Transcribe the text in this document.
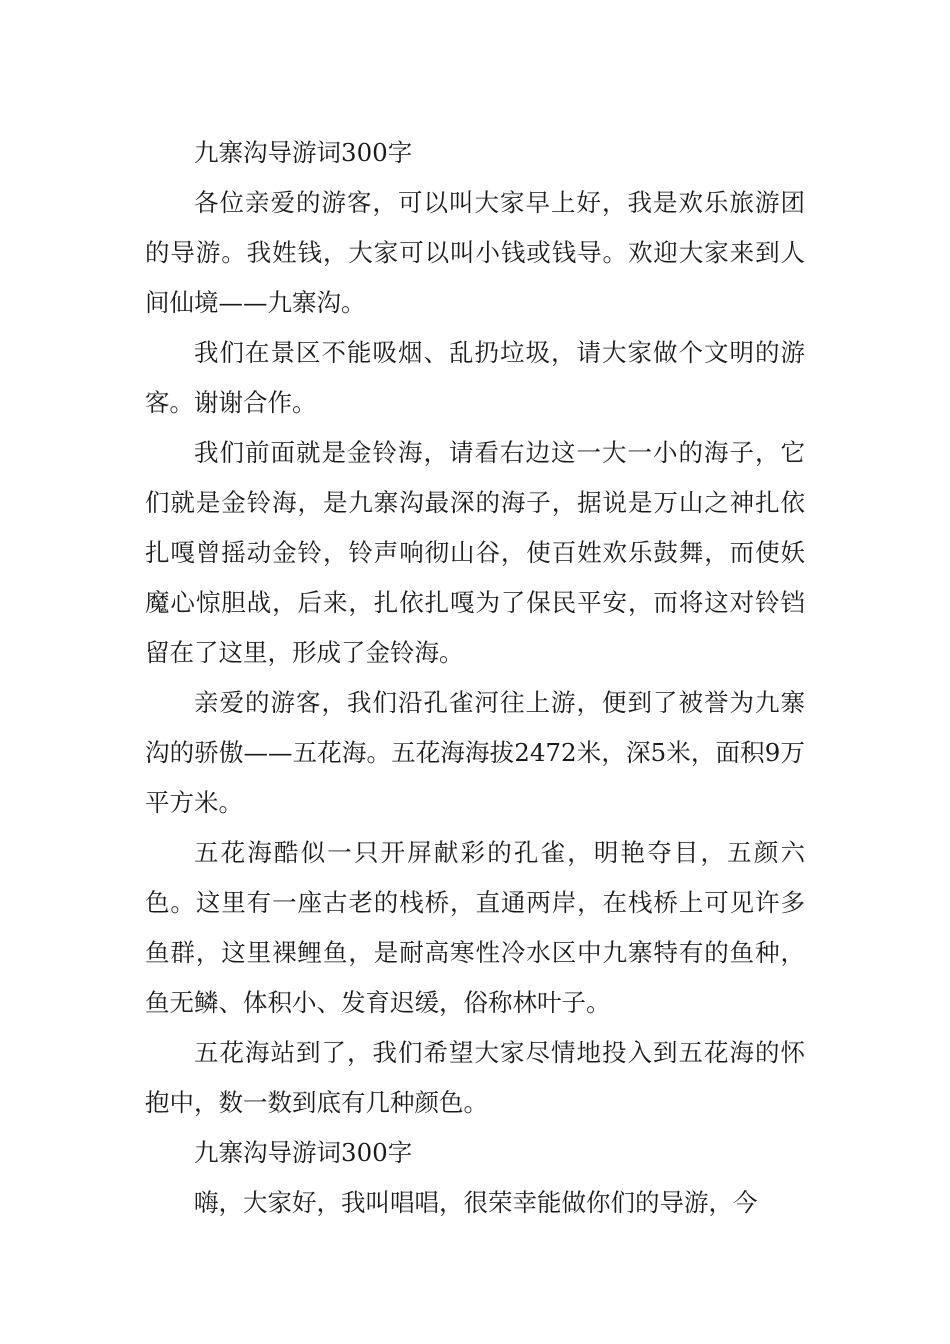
九寨沟导游词300字

各位亲爱的游客，可以叫大家早上好，我是欢乐旅游团的导游。我姓钱，大家可以叫小钱或钱导。欢迎大家来到人间仙境——九寨沟。

我们在景区不能吸烟、乱扔垃圾，请大家做个文明的游客。谢谢合作。

我们前面就是金铃海，请看右边这一大一小的海子，它们就是金铃海，是九寨沟最深的海子，据说是万山之神扎依扎嘎曾摇动金铃，铃声响彻山谷，使百姓欢乐鼓舞，而使妖魔心惊胆战，后来，扎依扎嘎为了保民平安，而将这对铃铛留在了这里，形成了金铃海。

亲爱的游客，我们沿孔雀河往上游，便到了被誉为九寨沟的骄傲——五花海。五花海海拔2472米，深5米，面积9万平方米。

五花海酷似一只开屏献彩的孔雀，明艳夺目，五颜六色。这里有一座古老的栈桥，直通两岸，在栈桥上可见许多鱼群，这里裸鲤鱼，是耐高寒性冷水区中九寨特有的鱼种，鱼无鳞、体积小、发育迟缓，俗称林叶子。

五花海站到了，我们希望大家尽情地投入到五花海的怀抱中，数一数到底有几种颜色。

九寨沟导游词300字

嗨，大家好，我叫唱唱，很荣幸能做你们的导游，今
